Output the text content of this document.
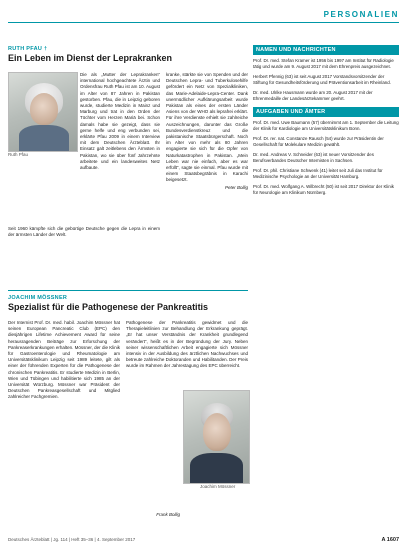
PERSONALIEN

RUTH PFAU †

Ein Leben im Dienst der Leprakranken
Ruth Pfau

Die als „Mutter der Leprakranken“ international hochgeachtete Ärztin und Ordensfrau Ruth Pfau ist am 10. August im Alter von 87 Jahren in Pakistan gestorben. Pfau, die in Leipzig geboren wurde, studierte Medizin in Mainz und Marburg und trat in den Orden der Töchter vom Herzen Mariä bei. Schon damals habe sie gezeigt, dass sie gerne helfe und eng verbunden sei, erklärte Pfau 2009 in einem Interview mit dem Deutschen Ärzteblatt. Ihr Einsatz galt zeitlebens den Ärmsten in Pakistan, wo sie über fünf Jahrzehnte arbeitete und ein landesweites Netz aufbaute.

Seit 1960 kämpfte sich die gebürtige Deutsche gegen die Lepra in einem der ärmsten Länder der Welt.

kranke, stärkte sie von Spenden und der Deutschen Lepra- und Tuberkulosehilfe gefördert ein Netz von Spezialkliniken, das Marie-Adelaide-Lepra-Center. Dank unermüdlicher Aufklärungsarbeit wurde Pakistan als eines der ersten Länder Asiens von der WHO als leprafrei erklärt. Für ihre Verdienste erhielt sie zahlreiche Auszeichnungen, darunter das Große Bundesverdienstkreuz und die pakistanische Staatsbürgerschaft. Noch im Alter von mehr als 80 Jahren engagierte sie sich für die Opfer von Naturkatastrophen in Pakistan. „Mein Leben war nie einfach, aber es war erfüllt“, sagte sie einmal. Pfau wurde mit einem Staatsbegräbnis in Karachi beigesetzt.

Peter Bollig

JOACHIM MÖSSNER

Spezialist für die Pathogenese der Pankreatitis

Der Internist Prof. Dr. med. habil. Joachim Mössner hat seinen European Pancreatic Club (EPC) den diesjährigen Lifetime Achievement Award für seine herausragenden Beiträge zur Erforschung der Pankreaserkrankungen erhalten. Mössner, der die Klinik für Gastroenterologie und Rheumatologie am Universitätsklinikum Leipzig seit 1989 leitete, gilt als einer der führenden Experten für die Pathogenese der chronischen Pankreatitis. Er studierte Medizin in Berlin, Wien und Tübingen und habilitierte sich 1985 an der Universität Würzburg. Mössner war Präsident der Deutschen Pankreasgesellschaft und Mitglied zahlreicher Fachgremien.

Pathogenese der Pankreatitis gewidmet und die Therapieleitlinien zur Behandlung der Erkrankung geprägt. „Er hat unser Verständnis der Krankheit grundlegend verändert“, heißt es in der Begründung der Jury. Neben seiner wissenschaftlichen Arbeit engagierte sich Mössner intensiv in der Ausbildung des ärztlichen Nachwuchses und betreute zahlreiche Doktoranden und Habilitanden. Der Preis wurde im Rahmen der Jahrestagung des EPC überreicht.

Joachim Mössner
Frank Bollig
NAMEN UND NACHRICHTEN

Prof. Dr. med. Stefan Kramer ist 1956 bis 1997 am Institut für Radiologie tätig und wurde am 9. August 2017 mit dem Ehrenpreis ausgezeichnet.

Herbert Pfennig (63) ist seit August 2017 Vorstandsvorsitzender der Stiftung für Gesundheitsförderung und Präventionsarbeit im Rheinland.

Dr. med. Ulrike Hausmann wurde am 20. August 2017 mit der Ehrenmedaille der Landesärztekammer geehrt.

AUFGABEN UND ÄMTER

Prof. Dr. med. Uwe Baumann (57) übernimmt am 1. September die Leitung der Klinik für Kardiologie am Universitätsklinikum Bonn.

Prof. Dr. rer. nat. Constanze Rausch (54) wurde zur Präsidentin der Gesellschaft für Molekulare Medizin gewählt.

Dr. med. Andreas V. Schneider (63) ist neuer Vorsitzender des Berufsverbandes Deutscher Internisten in Sachsen.

Prof. Dr. phil. Christiane Schwenk (41) leitet seit Juli das Institut für Medizinische Psychologie an der Universität Hamburg.

Prof. Dr. med. Wolfgang A. Wilbrecht (50) ist seit 2017 Direktor der Klinik für Neurologie am Klinikum Nürnberg.

Deutsches Ärzteblatt | Jg. 114 | Heft 35–36 | 4. September 2017	A 1607
